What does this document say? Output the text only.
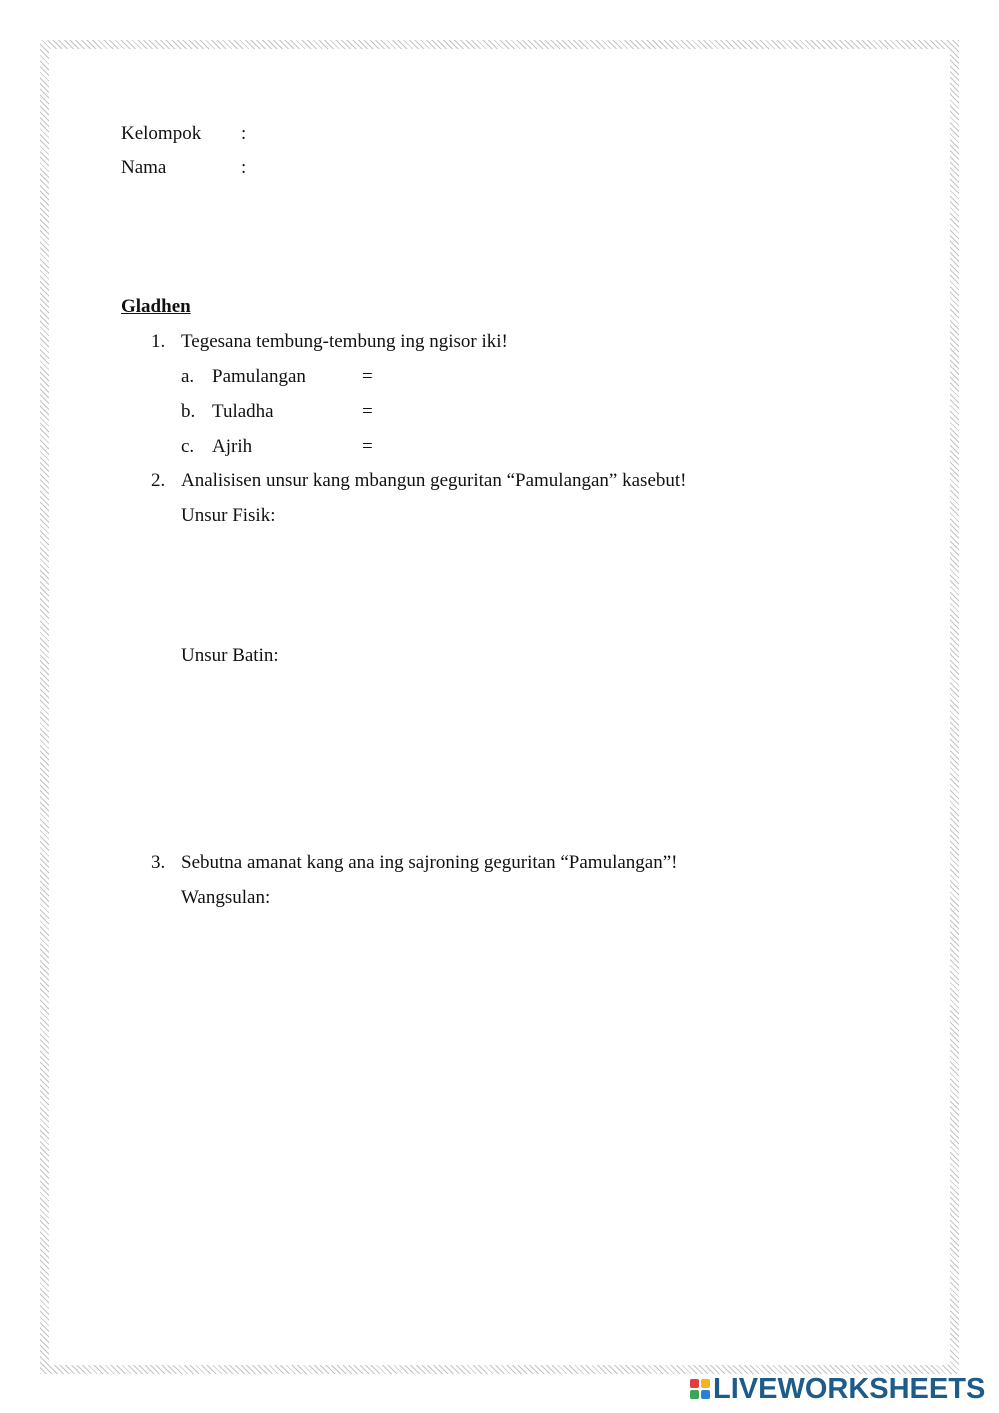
Kelompok :
Nama	:
Gladhen
1. Tegesana tembung-tembung ing ngisor iki!
a. Pamulangan	=
b. Tuladha	=
c. Ajrih	=
2. Analisisen unsur kang mbangun geguritan “Pamulangan” kasebut!
Unsur Fisik:
Unsur Batin:
3. Sebutna amanat kang ana ing sajroning geguritan “Pamulangan”!
Wangsulan:
LIVEWORKSHEETS
